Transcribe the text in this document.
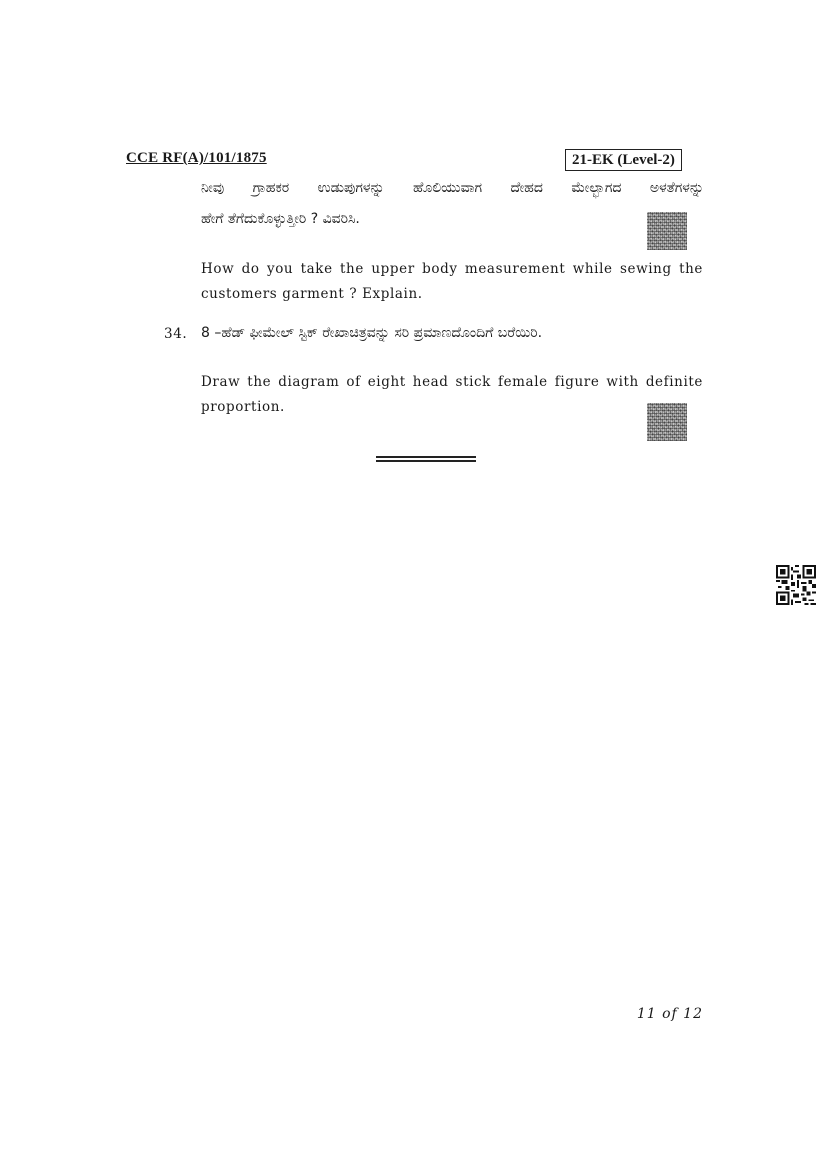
CCE RF(A)/101/1875	21-EK (Level-2)
ನೀವು ಗ್ರಾಹಕರ ಉಡುಪುಗಳನ್ನು ಹೊಲಿಯುವಾಗ ದೇಹದ ಮೇಲ್ಭಾಗದ ಅಳತೆಗಳನ್ನು
ಹೇಗೆ ತೆಗೆದುಕೊಳ್ಳುತ್ತೀರಿ ? ವಿವರಿಸಿ.
How do you take the upper body measurement while sewing the customers garment ? Explain.
34. 8 –ಹೆಡ್ ಫೀಮೇಲ್ ಸ್ಟಿಕ್ ರೇಖಾಚಿತ್ರವನ್ನು ಸರಿ ಪ್ರಮಾಣದೊಂದಿಗೆ ಬರೆಯಿರಿ.
Draw the diagram of eight head stick female figure with definite proportion.
11 of 12
